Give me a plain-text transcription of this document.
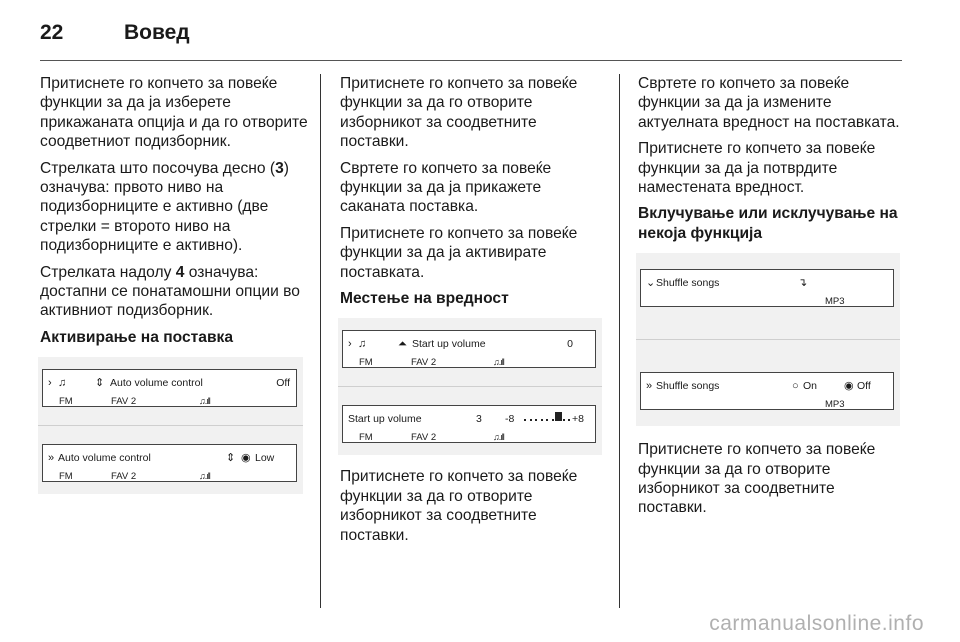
22	Вовед

Притиснете го копчето за повеќе функции за да ја изберете прикажаната опција и да го отворите соодветниот подизборник.

Стрелката што посочува десно (3) означува: првото ниво на подизборниците е активно (две стрелки = второто ниво на подизборниците е активно).

Стрелката надолу 4 означува: достапни се понатамошни опции во активниот подизборник.

Активирање на поставка

› ♫	⇕ Auto volume control	Off
FM	FAV 2	♫.ıll
» Auto volume control	⇕ ◉ Low
FM	FAV 2	♫.ıll

Притиснете го копчето за повеќе функции за да го отворите изборникот за соодветните поставки.

Свртете го копчето за повеќе функции за да ја прикажете саканата поставка.

Притиснете го копчето за повеќе функции за да ја активирате поставката.

Местење на вредност

› ♫	⏶ Start up volume	0
FM	FAV 2	♫.ıll
Start up volume	3 -8	+8
FM	FAV 2	♫.ıll

Притиснете го копчето за повеќе функции за да го отворите изборникот за соодветните поставки.

Свртете го копчето за повеќе функции за да ја измените актуелната вредност на поставката.

Притиснете го копчето за повеќе функции за да ја потврдите наместената вредност.

Вклучување или исклучување на некоја функција

⌄ Shuffle songs	↴
MP3
» Shuffle songs	○ On ◉ Off
MP3

Притиснете го копчето за повеќе функции за да го отворите изборникот за соодветните поставки.

carmanualsonline.info
